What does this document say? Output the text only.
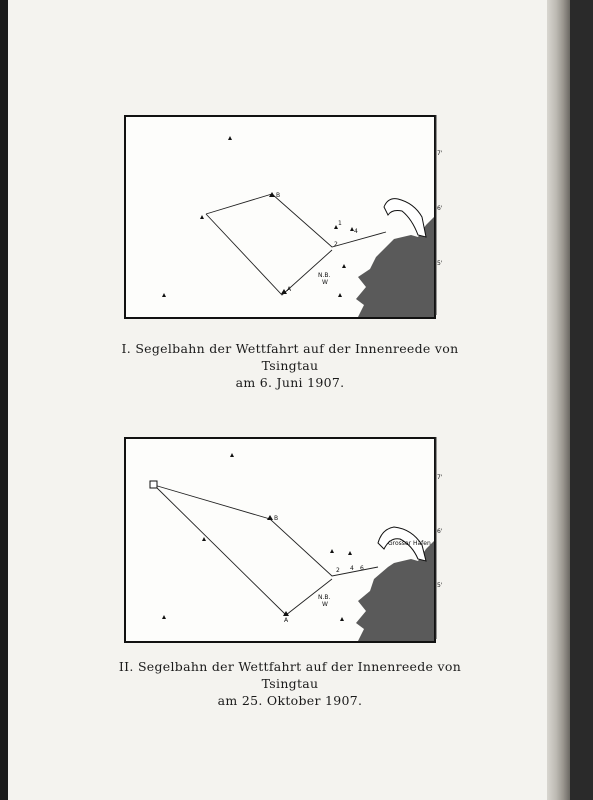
B
A
1
2
4
N.B.
W
7'
6'
5'
I. Segelbahn der Wettfahrt auf der Innenreede von Tsingtau
am 6. Juni 1907.
Grosser Hafen
B
A
2 4 6
N.B.
W
7'
6'
5'
II. Segelbahn der Wettfahrt auf der Innenreede von Tsingtau
am 25. Oktober 1907.
